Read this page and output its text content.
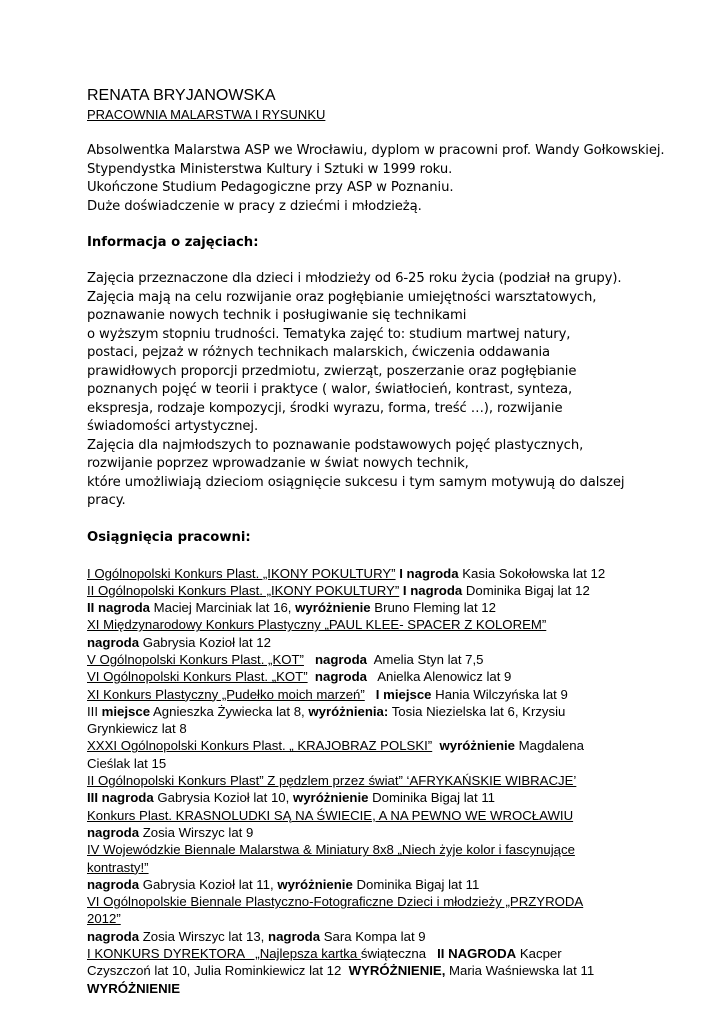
RENATA BRYJANOWSKA
PRACOWNIA MALARSTWA I RYSUNKU

Absolwentka Malarstwa ASP we Wrocławiu, dyplom w pracowni prof. Wandy Gołkowskiej.

Stypendystka Ministerstwa Kultury i Sztuki w 1999 roku.

Ukończone Studium Pedagogiczne przy ASP w Poznaniu.

Duże doświadczenie w pracy z dziećmi i młodzieżą.

Informacja o zajęciach:

Zajęcia przeznaczone dla dzieci i młodzieży od 6-25 roku życia (podział na grupy).

Zajęcia mają na celu rozwijanie oraz pogłębianie umiejętności warsztatowych,

poznawanie nowych technik i posługiwanie się technikami

o wyższym stopniu trudności. Tematyka zajęć to: studium martwej natury,

postaci, pejzaż w różnych technikach malarskich, ćwiczenia oddawania

prawidłowych proporcji przedmiotu, zwierząt, poszerzanie oraz pogłębianie

poznanych pojęć w teorii i praktyce ( walor, światłocień, kontrast, synteza,

ekspresja, rodzaje kompozycji, środki wyrazu, forma, treść …), rozwijanie

świadomości artystycznej.

Zajęcia dla najmłodszych to poznawanie podstawowych pojęć plastycznych,

rozwijanie poprzez wprowadzanie w świat nowych technik,

które umożliwiają dzieciom osiągnięcie sukcesu i tym samym motywują do dalszej

pracy.

Osiągnięcia pracowni:
I Ogólnopolski Konkurs Plast. „IKONY POKULTURY” I nagroda Kasia Sokołowska lat 12
II Ogólnopolski Konkurs Plast. „IKONY POKULTURY” I nagroda Dominika Bigaj lat 12
II nagroda Maciej Marciniak lat 16, wyróżnienie Bruno Fleming lat 12
XI Międzynarodowy Konkurs Plastyczny „PAUL KLEE- SPACER Z KOLOREM”
nagroda Gabrysia Kozioł lat 12
V Ogólnopolski Konkurs Plast. „KOT”   nagroda  Amelia Styn lat 7,5
VI Ogólnopolski Konkurs Plast. „KOT”  nagroda   Anielka Alenowicz lat 9
XI Konkurs Plastyczny „Pudełko moich marzeń”   I miejsce Hania Wilczyńska lat 9
III miejsce Agnieszka Żywiecka lat 8, wyróżnienia: Tosia Niezielska lat 6, Krzysiu
Grynkiewicz lat 8
XXXI Ogólnopolski Konkurs Plast. „ KRAJOBRAZ POLSKI”  wyróżnienie Magdalena
Cieślak lat 15
II Ogólnopolski Konkurs Plast” Z pędzlem przez świat” ‘AFRYKAŃSKIE WIBRACJE’
III nagroda Gabrysia Kozioł lat 10, wyróżnienie Dominika Bigaj lat 11
Konkurs Plast. KRASNOLUDKI SĄ NA ŚWIECIE, A NA PEWNO WE WROCŁAWIU
nagroda Zosia Wirszyc lat 9
IV Wojewódzkie Biennale Malarstwa & Miniatury 8x8 „Niech żyje kolor i fascynujące
kontrasty!”
nagroda Gabrysia Kozioł lat 11, wyróżnienie Dominika Bigaj lat 11
VI Ogólnopolskie Biennale Plastyczno-Fotograficzne Dzieci i młodzieży „PRZYRODA
2012”
nagroda Zosia Wirszyc lat 13, nagroda Sara Kompa lat 9
I KONKURS DYREKTORA   „Najlepsza kartka świąteczna   II NAGRODA Kacper
Czyszczoń lat 10, Julia Rominkiewicz lat 12  WYRÓŻNIENIE, Maria Waśniewska lat 11
WYRÓŻNIENIE
